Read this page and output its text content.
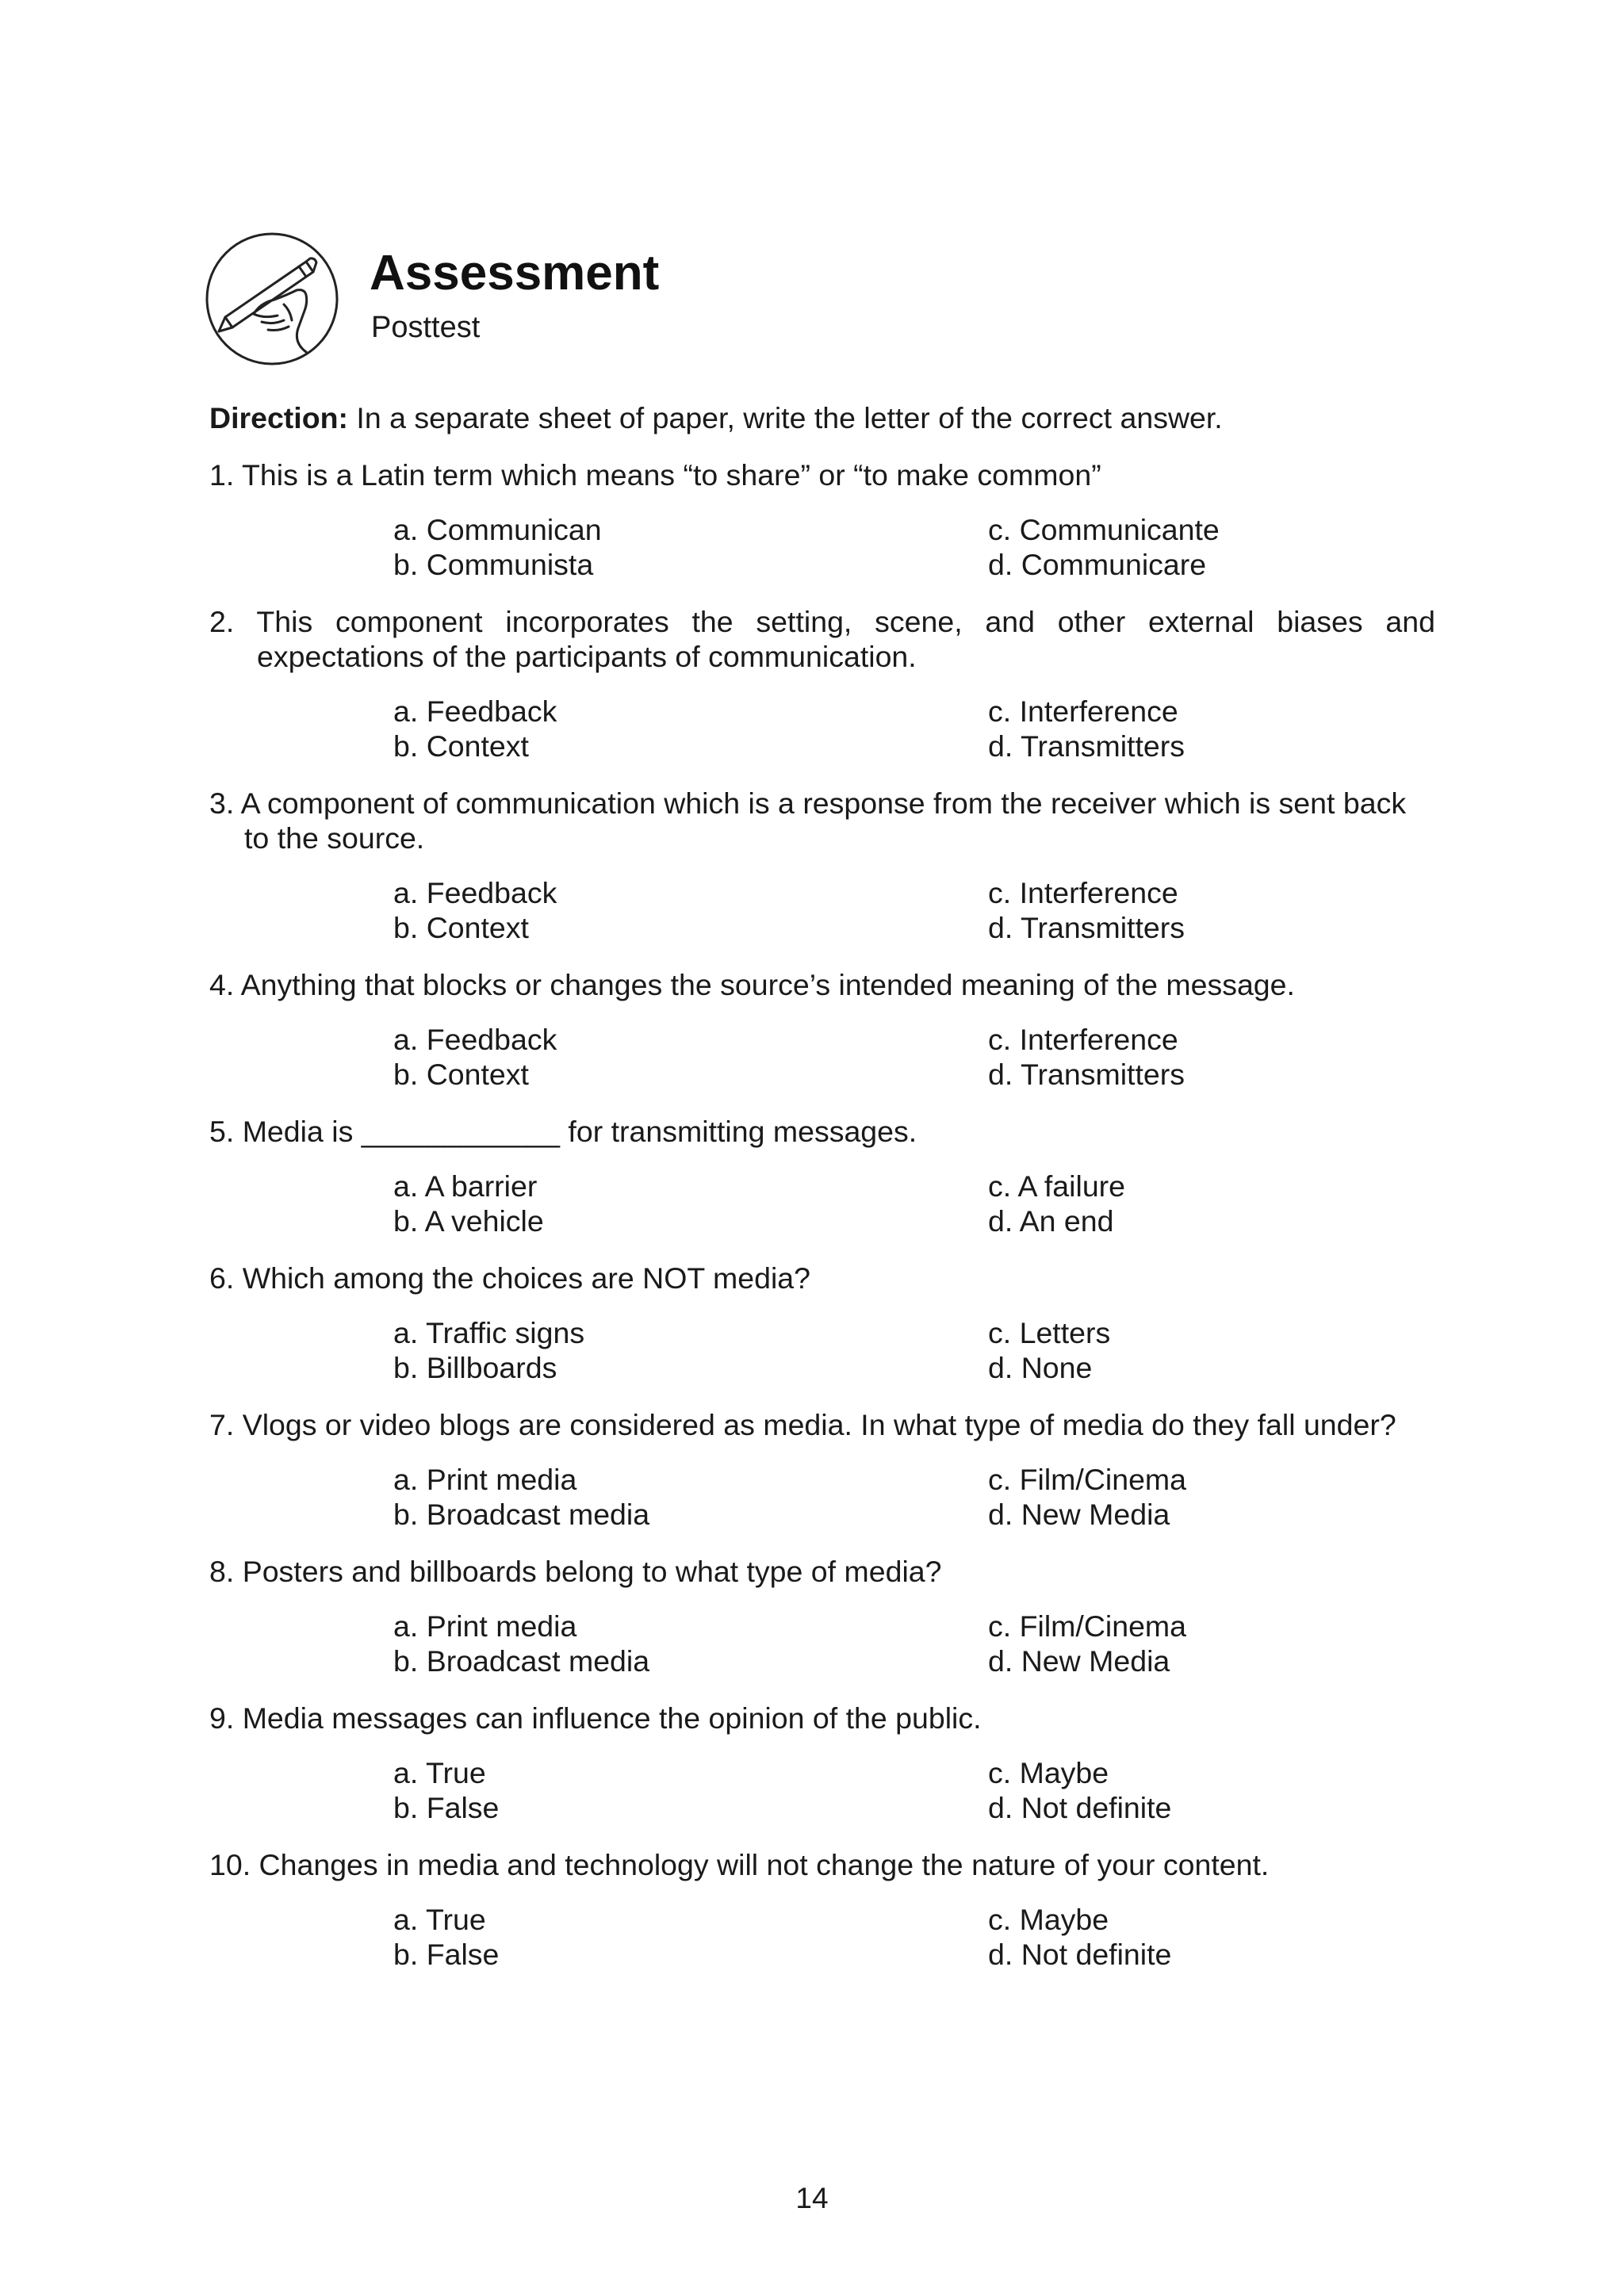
Assessment
Posttest

Direction: In a separate sheet of paper, write the letter of the correct answer.

1. This is a Latin term which means “to share” or “to make common”

a. Communican	c. Communicante
b. Communista	d. Communicare

2. This component incorporates the setting, scene, and other external biases and expectations of the participants of communication.

a. Feedback	c. Interference
b. Context	d. Transmitters

3. A component of communication which is a response from the receiver which is sent back to the source.

a. Feedback	c. Interference
b. Context	d. Transmitters

4. Anything that blocks or changes the source’s intended meaning of the message.

a. Feedback	c. Interference
b. Context	d. Transmitters

5. Media is ____________ for transmitting messages.

a. A barrier	c. A failure
b. A vehicle	d. An end

6. Which among the choices are NOT media?

a. Traffic signs	c. Letters
b. Billboards	d. None

7. Vlogs or video blogs are considered as media. In what type of media do they fall under?

a. Print media	c. Film/Cinema
b. Broadcast media	d. New Media

8. Posters and billboards belong to what type of media?

a. Print media	c. Film/Cinema
b. Broadcast media	d. New Media

9. Media messages can influence the opinion of the public.

a. True	c. Maybe
b. False	d. Not definite

10. Changes in media and technology will not change the nature of your content.

a. True	c. Maybe
b. False	d. Not definite
14
